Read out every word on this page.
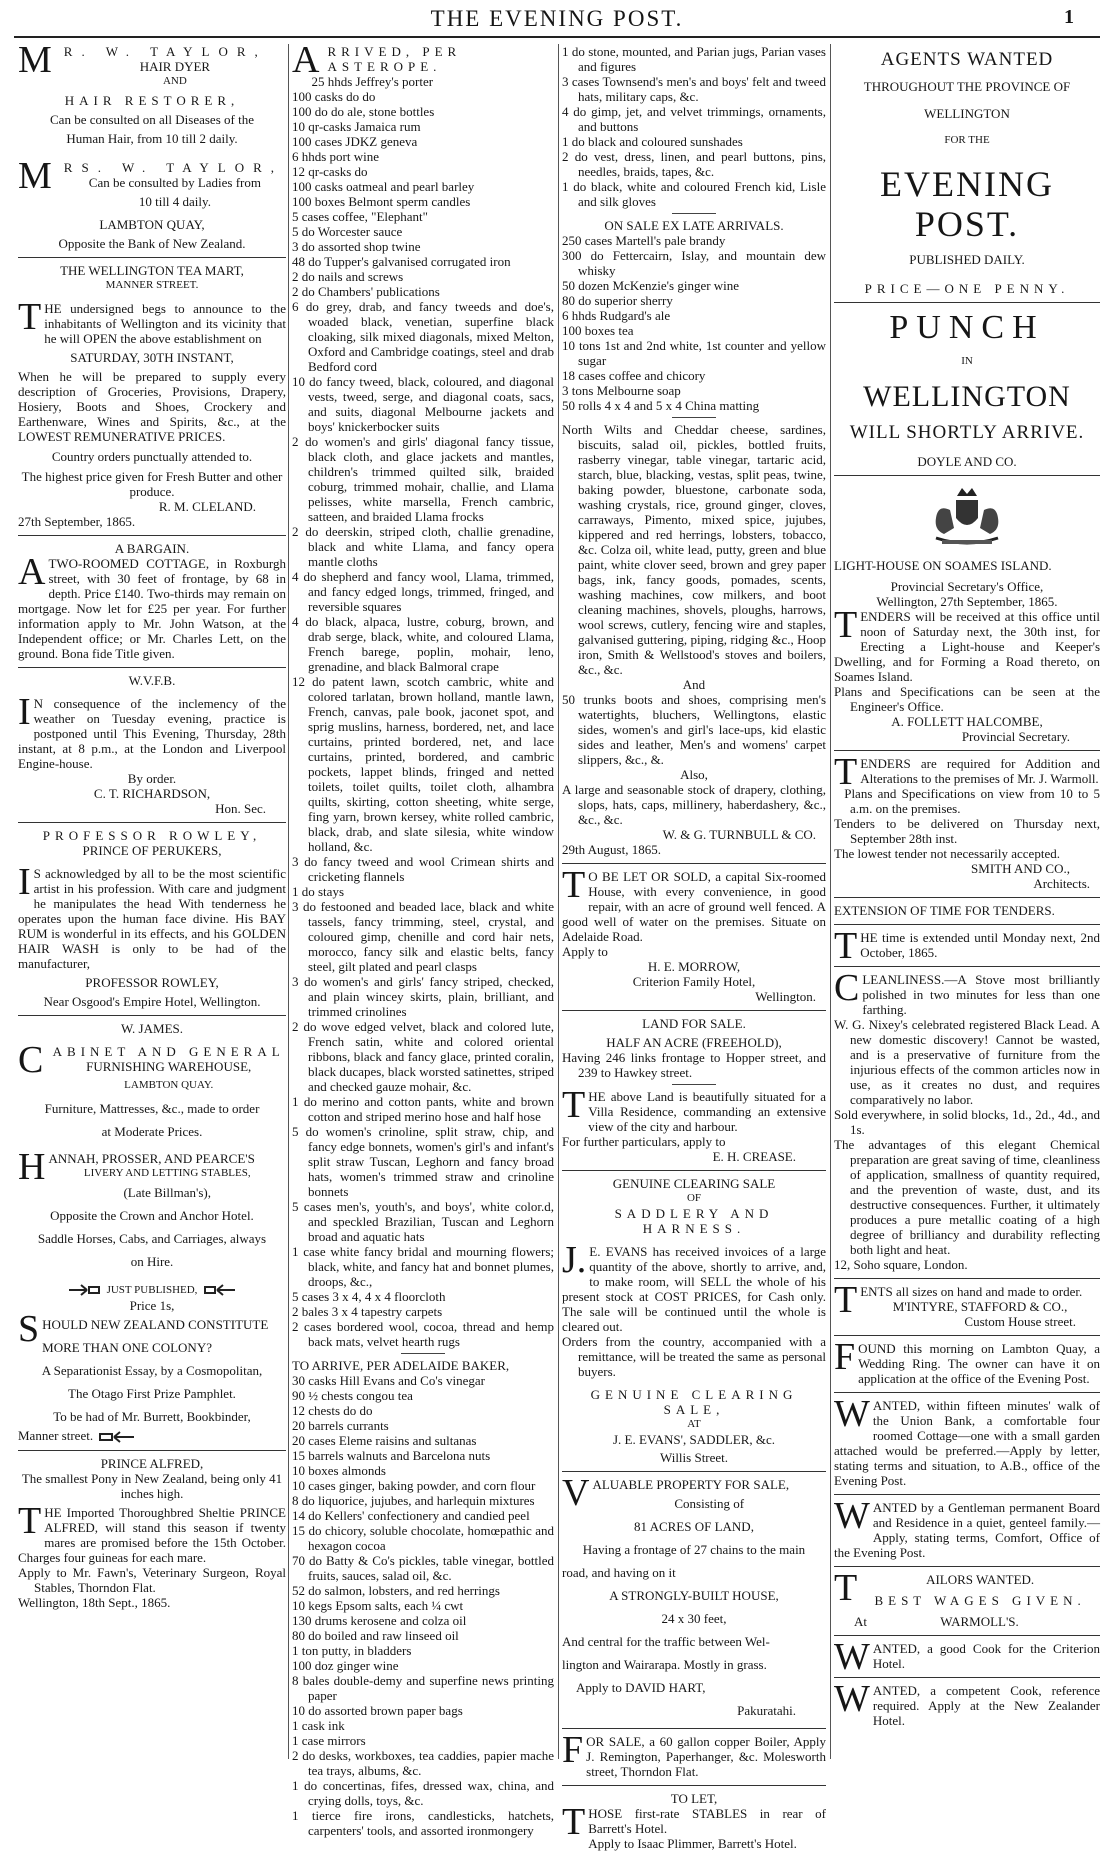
THE EVENING POST.	1

MR. W. TAYLOR,

HAIR DYER

AND

HAIR RESTORER,

Can be consulted on all Diseases of the

Human Hair, from 10 till 2 daily.

MRS. W. TAYLOR,

Can be consulted by Ladies from

10 till 4 daily.

LAMBTON QUAY,

Opposite the Bank of New Zealand.

THE WELLINGTON TEA MART,

MANNER STREET.

THE undersigned begs to announce to the inhabitants of Wellington and its vicinity that he will OPEN the above establishment on

SATURDAY, 30TH INSTANT,

When he will be prepared to supply every description of Groceries, Provisions, Drapery, Hosiery, Boots and Shoes, Crockery and Earthenware, Wines and Spirits, &c., at the LOWEST REMUNERATIVE PRICES.

Country orders punctually attended to.

The highest price given for Fresh Butter and other produce.

R. M. CLELAND.

27th September, 1865.

A BARGAIN.

ATWO-ROOMED COTTAGE, in Roxburgh street, with 30 feet of frontage, by 68 in depth. Price £140. Two-thirds may remain on mortgage. Now let for £25 per year. For further information apply to Mr. John Watson, at the Independent office; or Mr. Charles Lett, on the ground. Bona fide Title given.

W.V.F.B.

IN consequence of the inclemency of the weather on Tuesday evening, practice is postponed until This Evening, Thursday, 28th instant, at 8 p.m., at the London and Liverpool Engine-house.

By order.

C. T. RICHARDSON,

Hon. Sec.

PROFESSOR ROWLEY,

PRINCE OF PERUKERS,

IS acknowledged by all to be the most scientific artist in his profession. With care and judgment he manipulates the head With tenderness he operates upon the human face divine. His BAY RUM is wonderful in its effects, and his GOLDEN HAIR WASH is only to be had of the manufacturer,

PROFESSOR ROWLEY,

Near Osgood's Empire Hotel, Wellington.

W. JAMES.

CABINET AND GENERAL

FURNISHING WAREHOUSE,

LAMBTON QUAY.

Furniture, Mattresses, &c., made to order

at Moderate Prices.

HANNAH, PROSSER, AND PEARCE'S

LIVERY AND LETTING STABLES,

(Late Billman's),

Opposite the Crown and Anchor Hotel.

Saddle Horses, Cabs, and Carriages, always

on Hire.

JUST PUBLISHED,

Price 1s,

SHOULD NEW ZEALAND CONSTITUTE MORE THAN ONE COLONY?

A Separationist Essay, by a Cosmopolitan,

The Otago First Prize Pamphlet.

To be had of Mr. Burrett, Bookbinder,

Manner street.

PRINCE ALFRED,

The smallest Pony in New Zealand, being only 41 inches high.

THE Imported Thoroughbred Sheltie PRINCE ALFRED, will stand this season if twenty mares are promised before the 15th October. Charges four guineas for each mare.

Apply to Mr. Fawn's, Veterinary Surgeon, Royal Stables, Thorndon Flat.

Wellington, 18th Sept., 1865.

ARRIVED, PER ASTEROPE.

25 hhds Jeffrey's porter

100 casks do do

100 do do ale, stone bottles

10 qr-casks Jamaica rum

100 cases JDKZ geneva

6 hhds port wine

12 qr-casks do

100 casks oatmeal and pearl barley

100 boxes Belmont sperm candles

5 cases coffee, "Elephant"

5 do Worcester sauce

3 do assorted shop twine

48 do Tupper's galvanised corrugated iron

2 do nails and screws

2 do Chambers' publications

6 do grey, drab, and fancy tweeds and doe's, woaded black, venetian, superfine black cloaking, silk mixed diagonals, mixed Melton, Oxford and Cambridge coatings, steel and drab Bedford cord

10 do fancy tweed, black, coloured, and diagonal vests, tweed, serge, and diagonal coats, sacs, and suits, diagonal Melbourne jackets and boys' knickerbocker suits

2 do women's and girls' diagonal fancy tissue, black cloth, and glace jackets and mantles, children's trimmed quilted silk, braided coburg, trimmed mohair, challie, and Llama pelisses, white marsella, French cambric, satteen, and braided Llama frocks

2 do deerskin, striped cloth, challie grenadine, black and white Llama, and fancy opera mantle cloths

4 do shepherd and fancy wool, Llama, trimmed, and fancy edged longs, trimmed, fringed, and reversible squares

4 do black, alpaca, lustre, coburg, brown, and drab serge, black, white, and coloured Llama, French barege, poplin, mohair, leno, grenadine, and black Balmoral crape

12 do patent lawn, scotch cambric, white and colored tarlatan, brown holland, mantle lawn, French, canvas, pale book, jaconet spot, and sprig muslins, harness, bordered, net, and lace curtains, printed bordered, net, and lace curtains, printed, bordered, and cambric pockets, lappet blinds, fringed and netted toilets, toilet quilts, toilet cloth, alhambra quilts, skirting, cotton sheeting, white serge, fing yarn, brown kersey, white rolled cambric, black, drab, and slate silesia, white window holland, &c.

3 do fancy tweed and wool Crimean shirts and cricketing flannels

1 do stays

3 do festooned and beaded lace, black and white tassels, fancy trimming, steel, crystal, and coloured gimp, chenille and cord hair nets, morocco, fancy silk and elastic belts, fancy steel, gilt plated and pearl clasps

3 do women's and girls' fancy striped, checked, and plain wincey skirts, plain, brilliant, and trimmed crinolines

2 do wove edged velvet, black and colored lute, French satin, white and colored oriental ribbons, black and fancy glace, printed coralin, black ducapes, black worsted satinettes, striped and checked gauze mohair, &c.

1 do merino and cotton pants, white and brown cotton and striped merino hose and half hose

5 do women's crinoline, split straw, chip, and fancy edge bonnets, women's girl's and infant's split straw Tuscan, Leghorn and fancy broad hats, women's trimmed straw and crinoline bonnets

5 cases men's, youth's, and boys', white color.d, and speckled Brazilian, Tuscan and Leghorn broad and aquatic hats

1 case white fancy bridal and mourning flowers; black, white, and fancy hat and bonnet plumes, droops, &c.,

5 cases 3 x 4, 4 x 4 floorcloth

2 bales 3 x 4 tapestry carpets

2 cases bordered wool, cocoa, thread and hemp back mats, velvet hearth rugs

TO ARRIVE, PER ADELAIDE BAKER,

30 casks Hill Evans and Co's vinegar

90 ½ chests congou tea

12 chests do do

20 barrels currants

20 cases Eleme raisins and sultanas

15 barrels walnuts and Barcelona nuts

10 boxes almonds

10 cases ginger, baking powder, and corn flour

8 do liquorice, jujubes, and harlequin mixtures

14 do Kellers' confectionery and candied peel

15 do chicory, soluble chocolate, homœpathic and hexagon cocoa

70 do Batty & Co's pickles, table vinegar, bottled fruits, sauces, salad oil, &c.

52 do salmon, lobsters, and red herrings

10 kegs Epsom salts, each ¼ cwt

130 drums kerosene and colza oil

80 do boiled and raw linseed oil

1 ton putty, in bladders

100 doz ginger wine

8 bales double-demy and superfine news printing paper

10 do assorted brown paper bags

1 cask ink

1 case mirrors

2 do desks, workboxes, tea caddies, papier mache tea trays, albums, &c.

1 do concertinas, fifes, dressed wax, china, and crying dolls, toys, &c.

1 tierce fire irons, candlesticks, hatchets, carpenters' tools, and assorted ironmongery

1 do stone, mounted, and Parian jugs, Parian vases and figures

3 cases Townsend's men's and boys' felt and tweed hats, military caps, &c.

4 do gimp, jet, and velvet trimmings, ornaments, and buttons

1 do black and coloured sunshades

2 do vest, dress, linen, and pearl buttons, pins, needles, braids, tapes, &c.

1 do black, white and coloured French kid, Lisle and silk gloves

ON SALE EX LATE ARRIVALS.

250 cases Martell's pale brandy

300 do Fettercairn, Islay, and mountain dew whisky

50 dozen McKenzie's ginger wine

80 do superior sherry

6 hhds Rudgard's ale

100 boxes tea

10 tons 1st and 2nd white, 1st counter and yellow sugar

18 cases coffee and chicory

3 tons Melbourne soap

50 rolls 4 x 4 and 5 x 4 China matting

North Wilts and Cheddar cheese, sardines, biscuits, salad oil, pickles, bottled fruits, rasberry vinegar, table vinegar, tartaric acid, starch, blue, blacking, vestas, split peas, twine, baking powder, bluestone, carbonate soda, washing crystals, rice, ground ginger, cloves, carraways, Pimento, mixed spice, jujubes, kippered and red herrings, lobsters, tobacco, &c. Colza oil, white lead, putty, green and blue paint, white clover seed, brown and grey paper bags, ink, fancy goods, pomades, scents, washing machines, cow milkers, and boot cleaning machines, shovels, ploughs, harrows, wool screws, cutlery, fencing wire and staples, galvanised guttering, piping, ridging &c., Hoop iron, Smith & Wellstood's stoves and boilers, &c., &c.

And

50 trunks boots and shoes, comprising men's watertights, bluchers, Wellingtons, elastic sides, women's and girl's lace-ups, kid elastic sides and leather, Men's and womens' carpet slippers, &c., &.

Also,

A large and seasonable stock of drapery, clothing, slops, hats, caps, millinery, haberdashery, &c., &c., &c.

W. & G. TURNBULL & CO.

29th August, 1865.

TO BE LET OR SOLD, a capital Six-roomed House, with every convenience, in good repair, with an acre of ground well fenced. A good well of water on the premises. Situate on Adelaide Road.

Apply to

H. E. MORROW,

Criterion Family Hotel,

Wellington.

LAND FOR SALE.

HALF AN ACRE (FREEHOLD),

Having 246 links frontage to Hopper street, and 239 to Hawkey street.

THE above Land is beautifully situated for a Villa Residence, commanding an extensive view of the city and harbour.

For further particulars, apply to

E. H. CREASE.

GENUINE CLEARING SALE

OF

SADDLERY AND HARNESS.

J.E. EVANS has received invoices of a large quantity of the above, shortly to arrive, and, to make room, will SELL the whole of his present stock at COST PRICES, for Cash only. The sale will be continued until the whole is cleared out.

Orders from the country, accompanied with a remittance, will be treated the same as personal buyers.

GENUINE CLEARING SALE,

AT

J. E. EVANS', SADDLER, &c.

Willis Street.

VALUABLE PROPERTY FOR SALE,

Consisting of

81 ACRES OF LAND,

Having a frontage of 27 chains to the main

road, and having on it

A STRONGLY-BUILT HOUSE,

24 x 30 feet,

And central for the traffic between Wel-

lington and Wairarapa. Mostly in grass.

Apply to DAVID HART,

Pakuratahi.

FOR SALE, a 60 gallon copper Boiler, Apply J. Remington, Paperhanger, &c. Molesworth street, Thorndon Flat.

TO LET,

THOSE first-rate STABLES in rear of Barrett's Hotel.

Apply to Isaac Plimmer, Barrett's Hotel.

AGENTS WANTED

THROUGHOUT THE PROVINCE OF

WELLINGTON

FOR THE

EVENING POST.

PUBLISHED DAILY.

PRICE—ONE PENNY.

PUNCH

IN

WELLINGTON

WILL SHORTLY ARRIVE.

DOYLE AND CO.

LIGHT-HOUSE ON SOAMES ISLAND.

Provincial Secretary's Office,

Wellington, 27th September, 1865.

TENDERS will be received at this office until noon of Saturday next, the 30th inst, for Erecting a Light-house and Keeper's Dwelling, and for Forming a Road thereto, on Soames Island.

Plans and Specifications can be seen at the Engineer's Office.

A. FOLLETT HALCOMBE,

Provincial Secretary.

TENDERS are required for Addition and Alterations to the premises of Mr. J. Warmoll.

Plans and Specifications on view from 10 to 5 a.m. on the premises.

Tenders to be delivered on Thursday next, September 28th inst.

The lowest tender not necessarily accepted.

SMITH AND CO.,

Architects.

EXTENSION OF TIME FOR TENDERS.

THE time is extended until Monday next, 2nd October, 1865.

CLEANLINESS.—A Stove most brilliantly polished in two minutes for less than one farthing.

W. G. Nixey's celebrated registered Black Lead. A new domestic discovery! Cannot be wasted, and is a preservative of furniture from the injurious effects of the common articles now in use, as it creates no dust, and requires comparatively no labor.

Sold everywhere, in solid blocks, 1d., 2d., 4d., and 1s.

The advantages of this elegant Chemical preparation are great saving of time, cleanliness of application, smallness of quantity required, and the prevention of waste, dust, and its destructive consequences. Further, it ultimately produces a pure metallic coating of a high degree of brilliancy and durability reflecting both light and heat.

12, Soho square, London.

TENTS all sizes on hand and made to order.

M'INTYRE, STAFFORD & CO.,

Custom House street.

FOUND this morning on Lambton Quay, a Wedding Ring. The owner can have it on application at the office of the Evening Post.

WANTED, within fifteen minutes' walk of the Union Bank, a comfortable four roomed Cottage—one with a small garden attached would be preferred.—Apply by letter, stating terms and situation, to A.B., office of the Evening Post.

WANTED by a Gentleman permanent Board and Residence in a quiet, genteel family.—Apply, stating terms, Comfort, Office of the Evening Post.

TAILORS WANTED.

BEST WAGES GIVEN.

At	WARMOLL'S.

WANTED, a good Cook for the Criterion Hotel.

WANTED, a competent Cook, reference required. Apply at the New Zealander Hotel.
